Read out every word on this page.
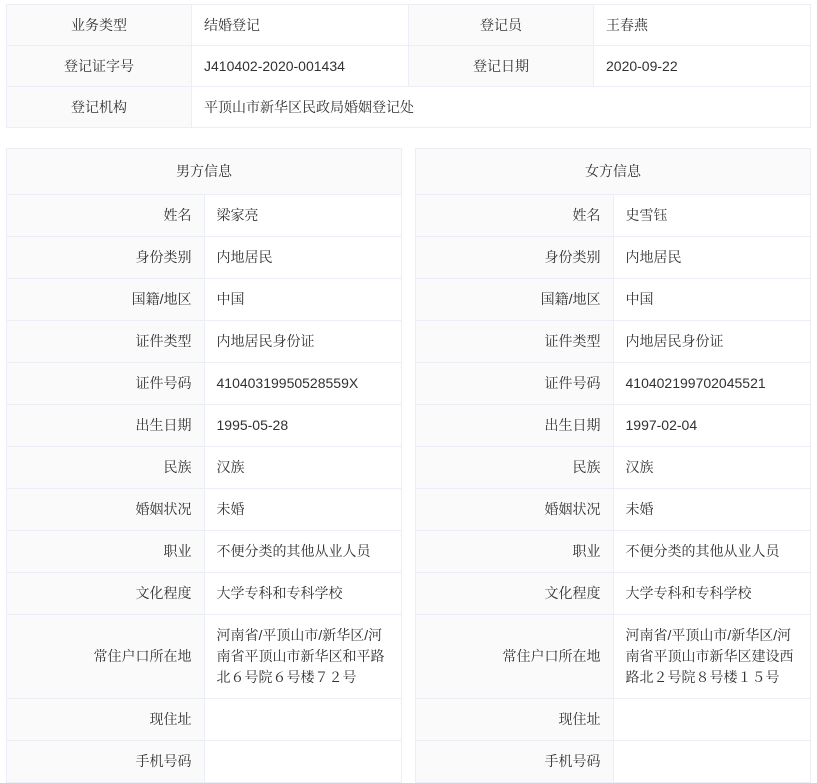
业务类型	结婚登记	登记员	王春燕
登记证字号	J410402-2020-001434	登记日期	2020-09-22
登记机构	平顶山市新华区民政局婚姻登记处		
男方信息	
姓名	梁家亮
身份类别	内地居民
国籍/地区	中国
证件类型	内地居民身份证
证件号码	41040319950528559X
出生日期	1995-05-28
民族	汉族
婚姻状况	未婚
职业	不便分类的其他从业人员
文化程度	大学专科和专科学校
常住户口所在地	河南省/平顶山市/新华区/河南省平顶山市新华区和平路北６号院６号楼７２号
现住址	
手机号码	
女方信息	
姓名	史雪钰
身份类别	内地居民
国籍/地区	中国
证件类型	内地居民身份证
证件号码	410402199702045521
出生日期	1997-02-04
民族	汉族
婚姻状况	未婚
职业	不便分类的其他从业人员
文化程度	大学专科和专科学校
常住户口所在地	河南省/平顶山市/新华区/河南省平顶山市新华区建设西路北２号院８号楼１５号
现住址	
手机号码	
